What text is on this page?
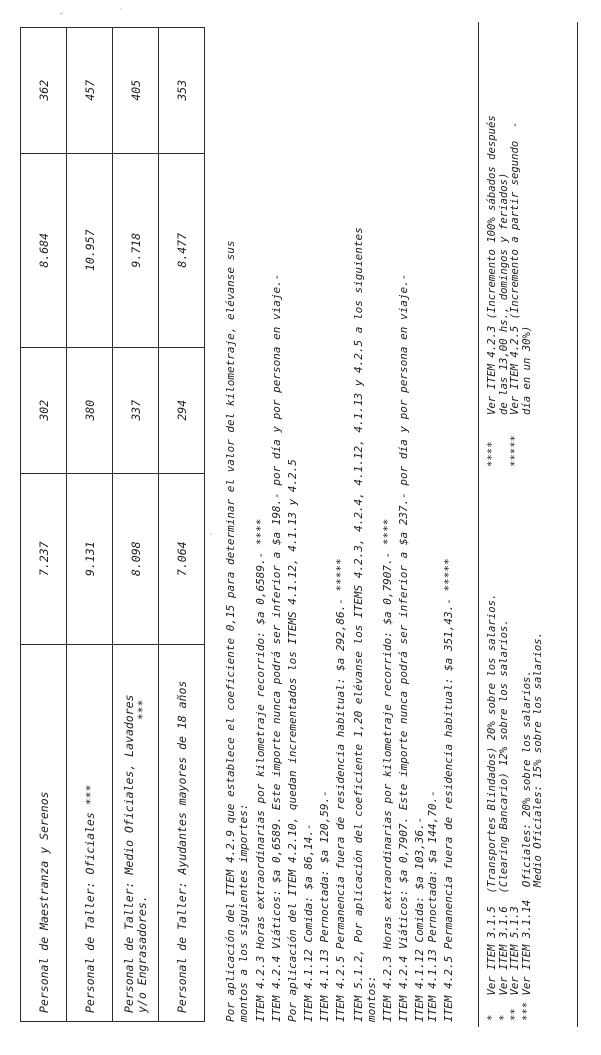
Personal de Maestranza y Serenos	7.237	302	8.684	362
Personal de Taller: Oficiales ***	9.131	380	10.957	457

Personal de Taller: Medio Oficiales, Lavadores y/o Engrasadores.***	8.098	337	9.718	405
Personal de Taller: Ayudantes mayores de 18 años	7.064	294	8.477	353
Por aplicación del ITEM 4.2.9 que establece el coeficiente 0,15 para determinar el valor del kilometraje, elévanse sus montos a los siguientes importes: ITEM 4.2.3 Horas extraordinarias por kilometraje recorrido: $a 0,6589.- **** ITEM 4.2.4 Viáticos: $a 0,6589. Este importe nunca podrá ser inferior a $a 198.- por día y por persona en viaje.- Por aplicación del ITEM 4.2.10, quedan incrementados los ITEMS 4.1.12, 4.1.13 y 4.2.5 ITEM 4.1.12 Comida: $a 86,14.- ITEM 4.1.13 Pernoctada: $a 120,59.- ITEM 4.2.5 Permanencia fuera de residencia habitual: $a 292,86.- ***** ITEM 5.1.2, Por aplicación del coeficiente 1,20 elévanse los ITEMS 4.2.3, 4.2.4, 4.1.12, 4.1.13 y 4.2.5 a los siguientes montos: ITEM 4.2.3 Horas extraordinarias por kilometraje recorrido: $a 0,7907.- **** ITEM 4.2.4 Viáticos: $a 0,7907. Este importe nunca podrá ser inferior a $a 237.- por día y por persona en viaje.- ITEM 4.1.12 Comida: $a 103,36.- ITEM 4.1.13 Pernoctada: $a 144,70.- ITEM 4.2.5 Permanencia fuera de residencia habitual: $a 351,43.- *****	*   Ver ITEM 3.1.5  (Transportes Blindados) 20% sobre los salarios.
*   Ver ITEM 3.1.6  (Clearing Bancario) 12% sobre los salarios.
**  Ver ITEM 5.1.3
*** Ver ITEM 3.1.14  Oficiales: 20% sobre los salarios.
Medio Oficiales: 15% sobre los salarios.
****

*****
Ver ITEM 4.2.3 (Incremento 100% sábados después
de las 13,00 hs., domingos y feriados)
Ver ITEM 4.2.5 (Incremento a partir segundo  -
día en un 30%)
